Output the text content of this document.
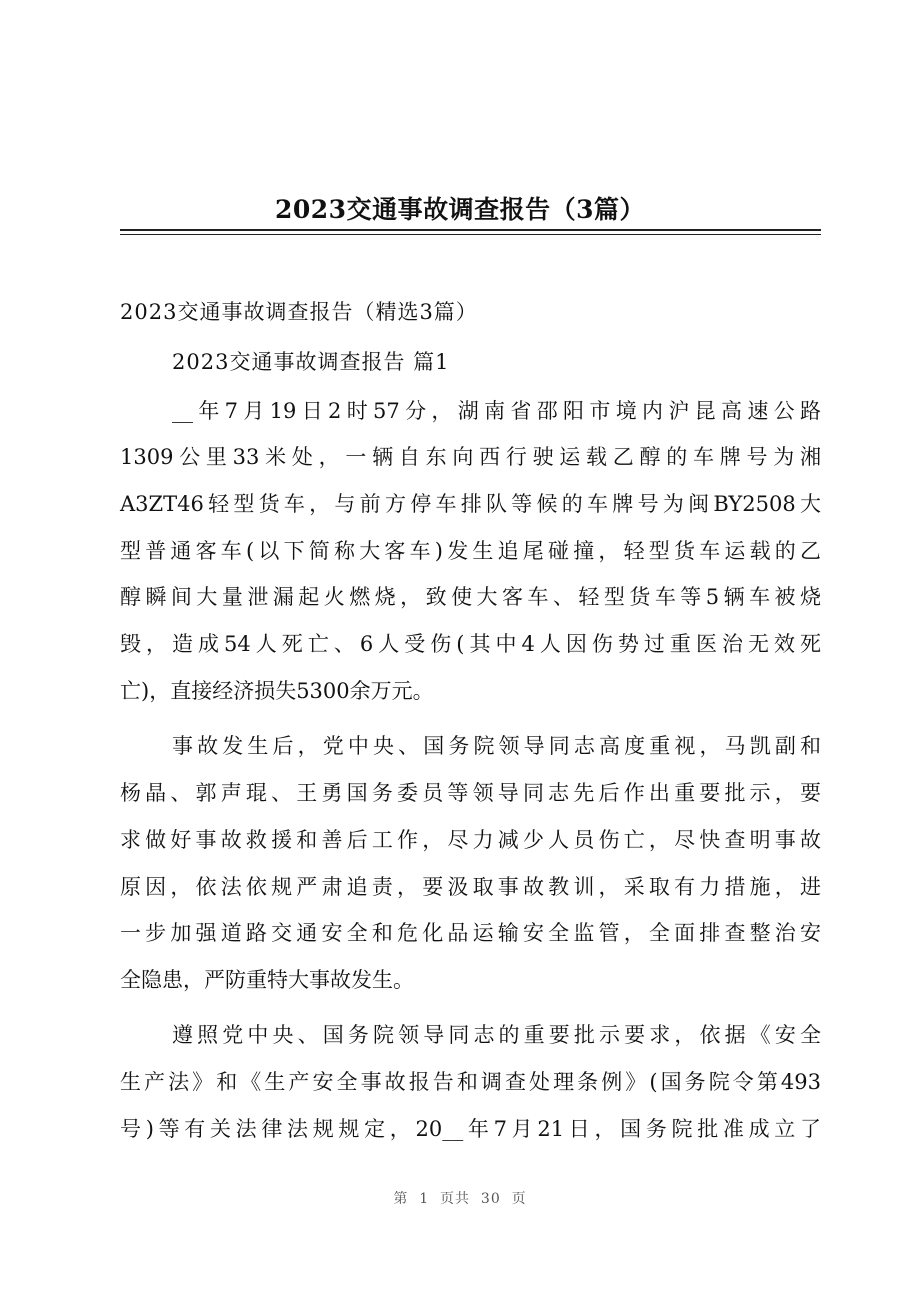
2023交通事故调查报告（3篇）
2023交通事故调查报告（精选3篇）
2023交通事故调查报告 篇1
__年7月19日2时57分，湖南省邵阳市境内沪昆高速公路
1309公里33米处，一辆自东向西行驶运载乙醇的车牌号为湘
A3ZT46轻型货车，与前方停车排队等候的车牌号为闽BY2508大
型普通客车(以下简称大客车)发生追尾碰撞，轻型货车运载的乙
醇瞬间大量泄漏起火燃烧，致使大客车、轻型货车等5辆车被烧
毁，造成54人死亡、6人受伤(其中4人因伤势过重医治无效死
亡)，直接经济损失5300余万元。
事故发生后，党中央、国务院领导同志高度重视，马凯副和
杨晶、郭声琨、王勇国务委员等领导同志先后作出重要批示，要
求做好事故救援和善后工作，尽力减少人员伤亡，尽快查明事故
原因，依法依规严肃追责，要汲取事故教训，采取有力措施，进
一步加强道路交通安全和危化品运输安全监管，全面排查整治安
全隐患，严防重特大事故发生。
遵照党中央、国务院领导同志的重要批示要求，依据《安全
生产法》和《生产安全事故报告和调查处理条例》(国务院令第493
号)等有关法律法规规定，20__年7月21日，国务院批准成立了
第  1  页共  30  页
